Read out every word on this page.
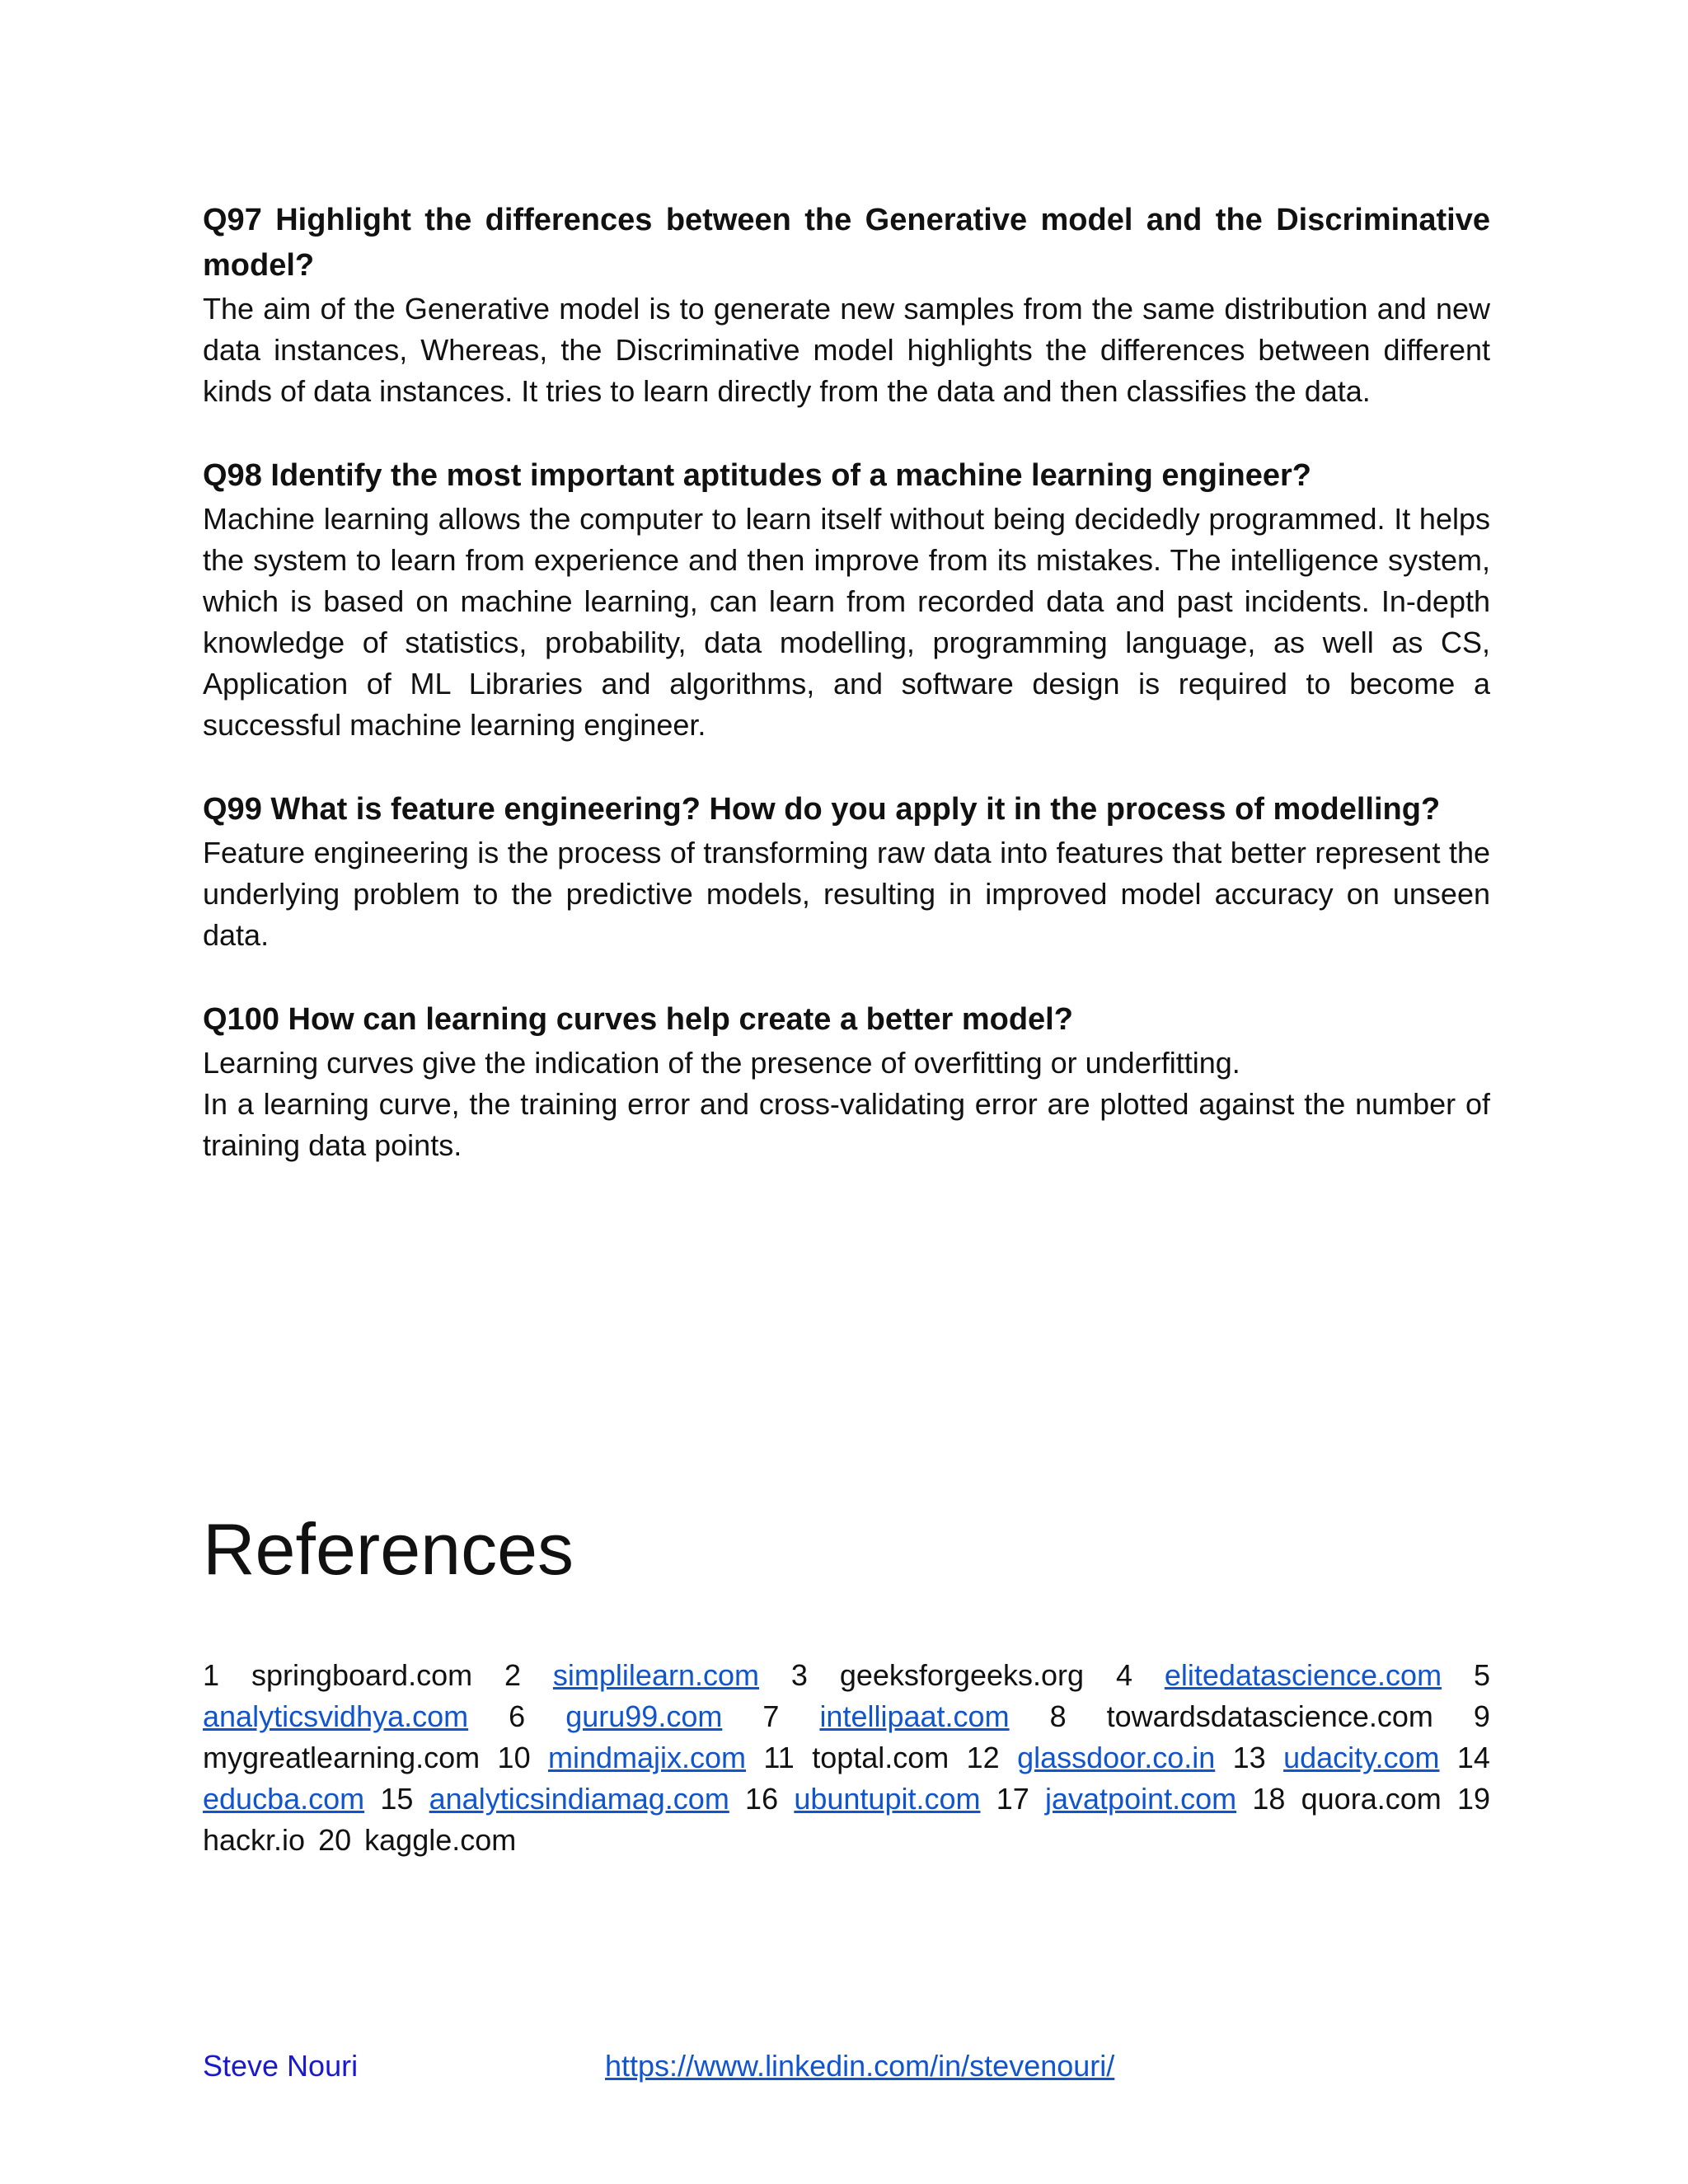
Q97 Highlight the differences between the Generative model and the Discriminative model?

The aim of the Generative model is to generate new samples from the same distribution and new data instances, Whereas, the Discriminative model highlights the differences between different kinds of data instances. It tries to learn directly from the data and then classifies the data.

Q98 Identify the most important aptitudes of a machine learning engineer?

Machine learning allows the computer to learn itself without being decidedly programmed. It helps the system to learn from experience and then improve from its mistakes. The intelligence system, which is based on machine learning, can learn from recorded data and past incidents. In-depth knowledge of statistics, probability, data modelling, programming language, as well as CS, Application of ML Libraries and algorithms, and software design is required to become a successful machine learning engineer.

Q99 What is feature engineering? How do you apply it in the process of modelling?

Feature engineering is the process of transforming raw data into features that better represent the underlying problem to the predictive models, resulting in improved model accuracy on unseen data.

Q100 How can learning curves help create a better model?

Learning curves give the indication of the presence of overfitting or underfitting.

In a learning curve, the training error and cross-validating error are plotted against the number of training data points.

References
1 springboard.com 2 simplilearn.com 3 geeksforgeeks.org 4 elitedatascience.com 5 analyticsvidhya.com 6 guru99.com 7 intellipaat.com 8 towardsdatascience.com 9 mygreatlearning.com 10 mindmajix.com 11 toptal.com 12 glassdoor.co.in 13 udacity.com 14 educba.com 15 analyticsindiamag.com 16 ubuntupit.com 17 javatpoint.com 18 quora.com 19 hackr.io 20 kaggle.com
Steve Nouri	https://www.linkedin.com/in/stevenouri/
